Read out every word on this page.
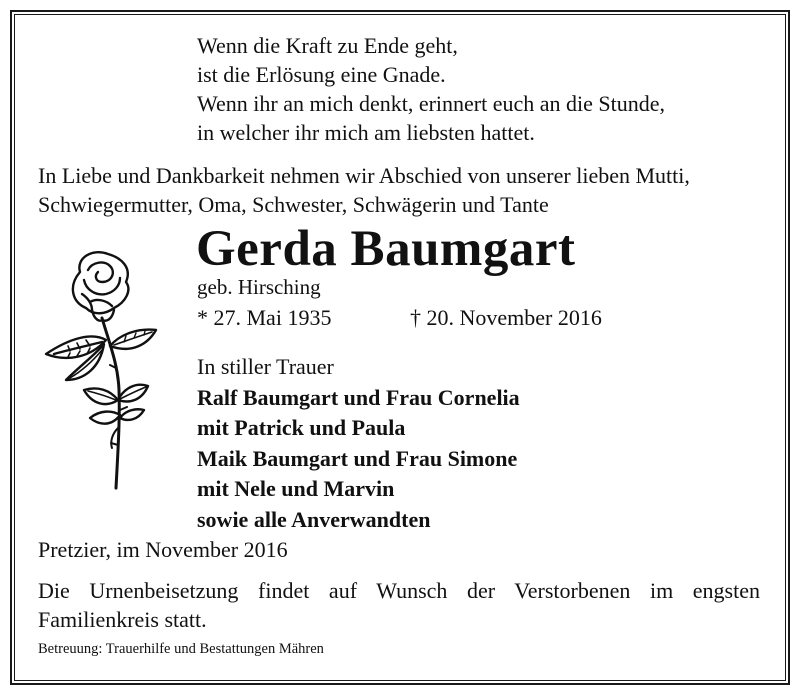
Wenn die Kraft zu Ende geht,
ist die Erlösung eine Gnade.
Wenn ihr an mich denkt, erinnert euch an die Stunde,
in welcher ihr mich am liebsten hattet.
In Liebe und Dankbarkeit nehmen wir Abschied von unserer lieben Mutti,
Schwiegermutter, Oma, Schwester, Schwägerin und Tante
Gerda Baumgart
geb. Hirsching
* 27. Mai 1935	† 20. November 2016
In stiller Trauer
Ralf Baumgart und Frau Cornelia
mit Patrick und Paula
Maik Baumgart und Frau Simone
mit Nele und Marvin
sowie alle Anverwandten
Pretzier, im November 2016
Die Urnenbeisetzung findet auf Wunsch der Verstorbenen im engsten
Familienkreis statt.
Betreuung: Trauerhilfe und Bestattungen Mähren
